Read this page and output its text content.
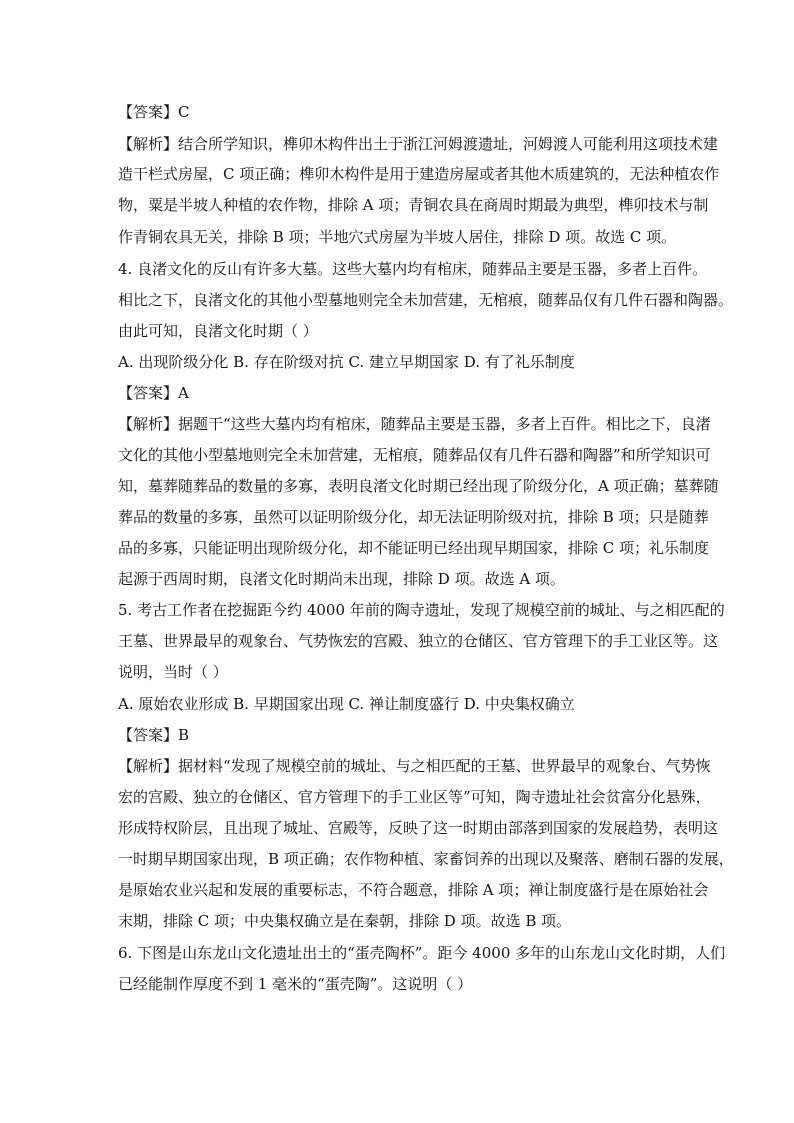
【答案】C
【解析】结合所学知识，榫卯木构件出土于浙江河姆渡遗址，河姆渡人可能利用这项技术建
造干栏式房屋，C 项正确；榫卯木构件是用于建造房屋或者其他木质建筑的，无法种植农作
物，粟是半坡人种植的农作物，排除 A 项；青铜农具在商周时期最为典型，榫卯技术与制
作青铜农具无关，排除 B 项；半地穴式房屋为半坡人居住，排除 D 项。故选 C 项。
4. 良渚文化的反山有许多大墓。这些大墓内均有棺床，随葬品主要是玉器，多者上百件。
相比之下，良渚文化的其他小型墓地则完全未加营建，无棺痕，随葬品仅有几件石器和陶器。
由此可知，良渚文化时期（ ）
A. 出现阶级分化 B. 存在阶级对抗 C. 建立早期国家 D. 有了礼乐制度
【答案】A
【解析】据题干“这些大墓内均有棺床，随葬品主要是玉器，多者上百件。相比之下，良渚
文化的其他小型墓地则完全未加营建，无棺痕，随葬品仅有几件石器和陶器”和所学知识可
知，墓葬随葬品的数量的多寡，表明良渚文化时期已经出现了阶级分化，A 项正确；墓葬随
葬品的数量的多寡，虽然可以证明阶级分化，却无法证明阶级对抗，排除 B 项；只是随葬
品的多寡，只能证明出现阶级分化，却不能证明已经出现早期国家，排除 C 项；礼乐制度
起源于西周时期，良渚文化时期尚未出现，排除 D 项。故选 A 项。
5. 考古工作者在挖掘距今约 4000 年前的陶寺遗址，发现了规模空前的城址、与之相匹配的
王墓、世界最早的观象台、气势恢宏的宫殿、独立的仓储区、官方管理下的手工业区等。这
说明，当时（ ）
A. 原始农业形成 B. 早期国家出现 C. 禅让制度盛行 D. 中央集权确立
【答案】B
【解析】据材料“发现了规模空前的城址、与之相匹配的王墓、世界最早的观象台、气势恢
宏的宫殿、独立的仓储区、官方管理下的手工业区等”可知，陶寺遗址社会贫富分化悬殊，
形成特权阶层，且出现了城址、宫殿等，反映了这一时期由部落到国家的发展趋势，表明这
一时期早期国家出现，B 项正确；农作物种植、家畜饲养的出现以及聚落、磨制石器的发展，
是原始农业兴起和发展的重要标志，不符合题意，排除 A 项；禅让制度盛行是在原始社会
末期，排除 C 项；中央集权确立是在秦朝，排除 D 项。故选 B 项。
6. 下图是山东龙山文化遗址出土的“蛋壳陶杯”。距今 4000 多年的山东龙山文化时期，人们
已经能制作厚度不到 1 毫米的“蛋壳陶”。这说明（ ）
